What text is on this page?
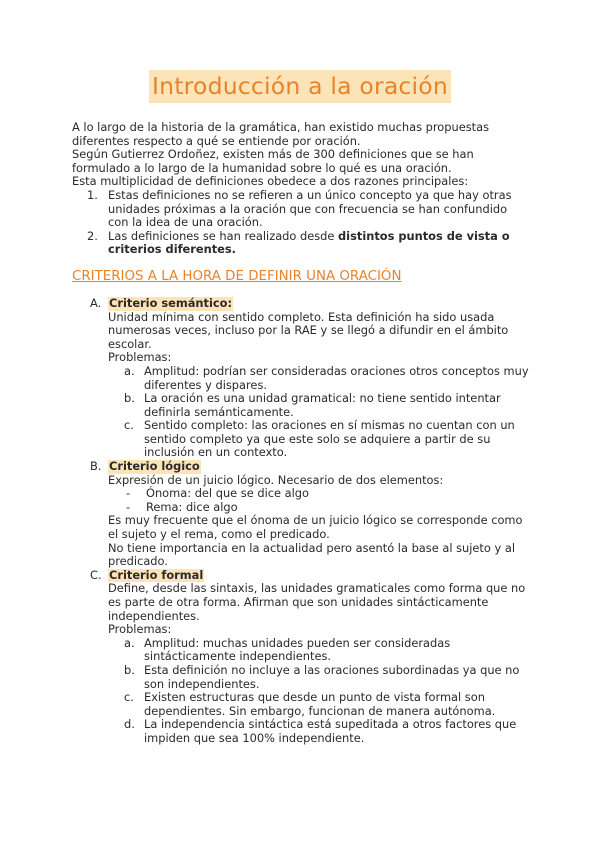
Introducción a la oración

A lo largo de la historia de la gramática, han existido muchas propuestas diferentes respecto a qué se entiende por oración.

Según Gutierrez Ordoñez, existen más de 300 definiciones que se han formulado a lo largo de la humanidad sobre lo qué es una oración.

Esta multiplicidad de definiciones obedece a dos razones principales:

1. Estas definiciones no se refieren a un único concepto ya que hay otras unidades próximas a la oración que con frecuencia se han confundido con la idea de una oración.
2. Las definiciones se han realizado desde distintos puntos de vista o criterios diferentes.
CRITERIOS A LA HORA DE DEFINIR UNA ORACIÓN
A. Criterio semántico:

Unidad mínima con sentido completo. Esta definición ha sido usada numerosas veces, incluso por la RAE y se llegó a difundir en el ámbito escolar.

Problemas:

a. Amplitud: podrían ser consideradas oraciones otros conceptos muy diferentes y dispares.
b. La oración es una unidad gramatical: no tiene sentido intentar definirla semánticamente.
c. Sentido completo: las oraciones en sí mismas no cuentan con un sentido completo ya que este solo se adquiere a partir de su inclusión en un contexto.
B. Criterio lógico

Expresión de un juicio lógico. Necesario de dos elementos:

- Ónoma: del que se dice algo
- Rema: dice algo

Es muy frecuente que el ónoma de un juicio lógico se corresponde como el sujeto y el rema, como el predicado.

No tiene importancia en la actualidad pero asentó la base al sujeto y al predicado.

C. Criterio formal

Define, desde las sintaxis, las unidades gramaticales como forma que no es parte de otra forma. Afirman que son unidades sintácticamente independientes.

Problemas:

a. Amplitud: muchas unidades pueden ser consideradas sintácticamente independientes.
b. Esta definición no incluye a las oraciones subordinadas ya que no son independientes.
c. Existen estructuras que desde un punto de vista formal son dependientes. Sin embargo, funcionan de manera autónoma.
d. La independencia sintáctica está supeditada a otros factores que impiden que sea 100% independiente.
